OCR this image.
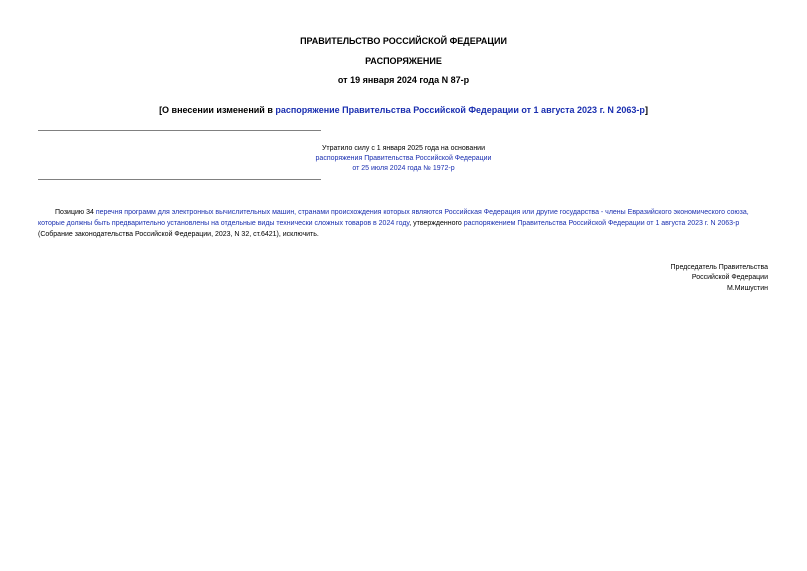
ПРАВИТЕЛЬСТВО РОССИЙСКОЙ ФЕДЕРАЦИИ
РАСПОРЯЖЕНИЕ
от 19 января 2024 года N 87-р
[О внесении изменений в распоряжение Правительства Российской Федерации от 1 августа 2023 г. N 2063-р]
Утратило силу с 1 января 2025 года на основании
распоряжения Правительства Российской Федерации
от 25 июля 2024 года № 1972-р

Позицию 34 перечня программ для электронных вычислительных машин, странами происхождения которых являются Российская Федерация или другие государства - члены Евразийского экономического союза, которые должны быть предварительно установлены на отдельные виды технически сложных товаров в 2024 году, утвержденного распоряжением Правительства Российской Федерации от 1 августа 2023 г. N 2063-р (Собрание законодательства Российской Федерации, 2023, N 32, ст.6421), исключить.

Председатель Правительства
Российской Федерации
М.Мишустин
